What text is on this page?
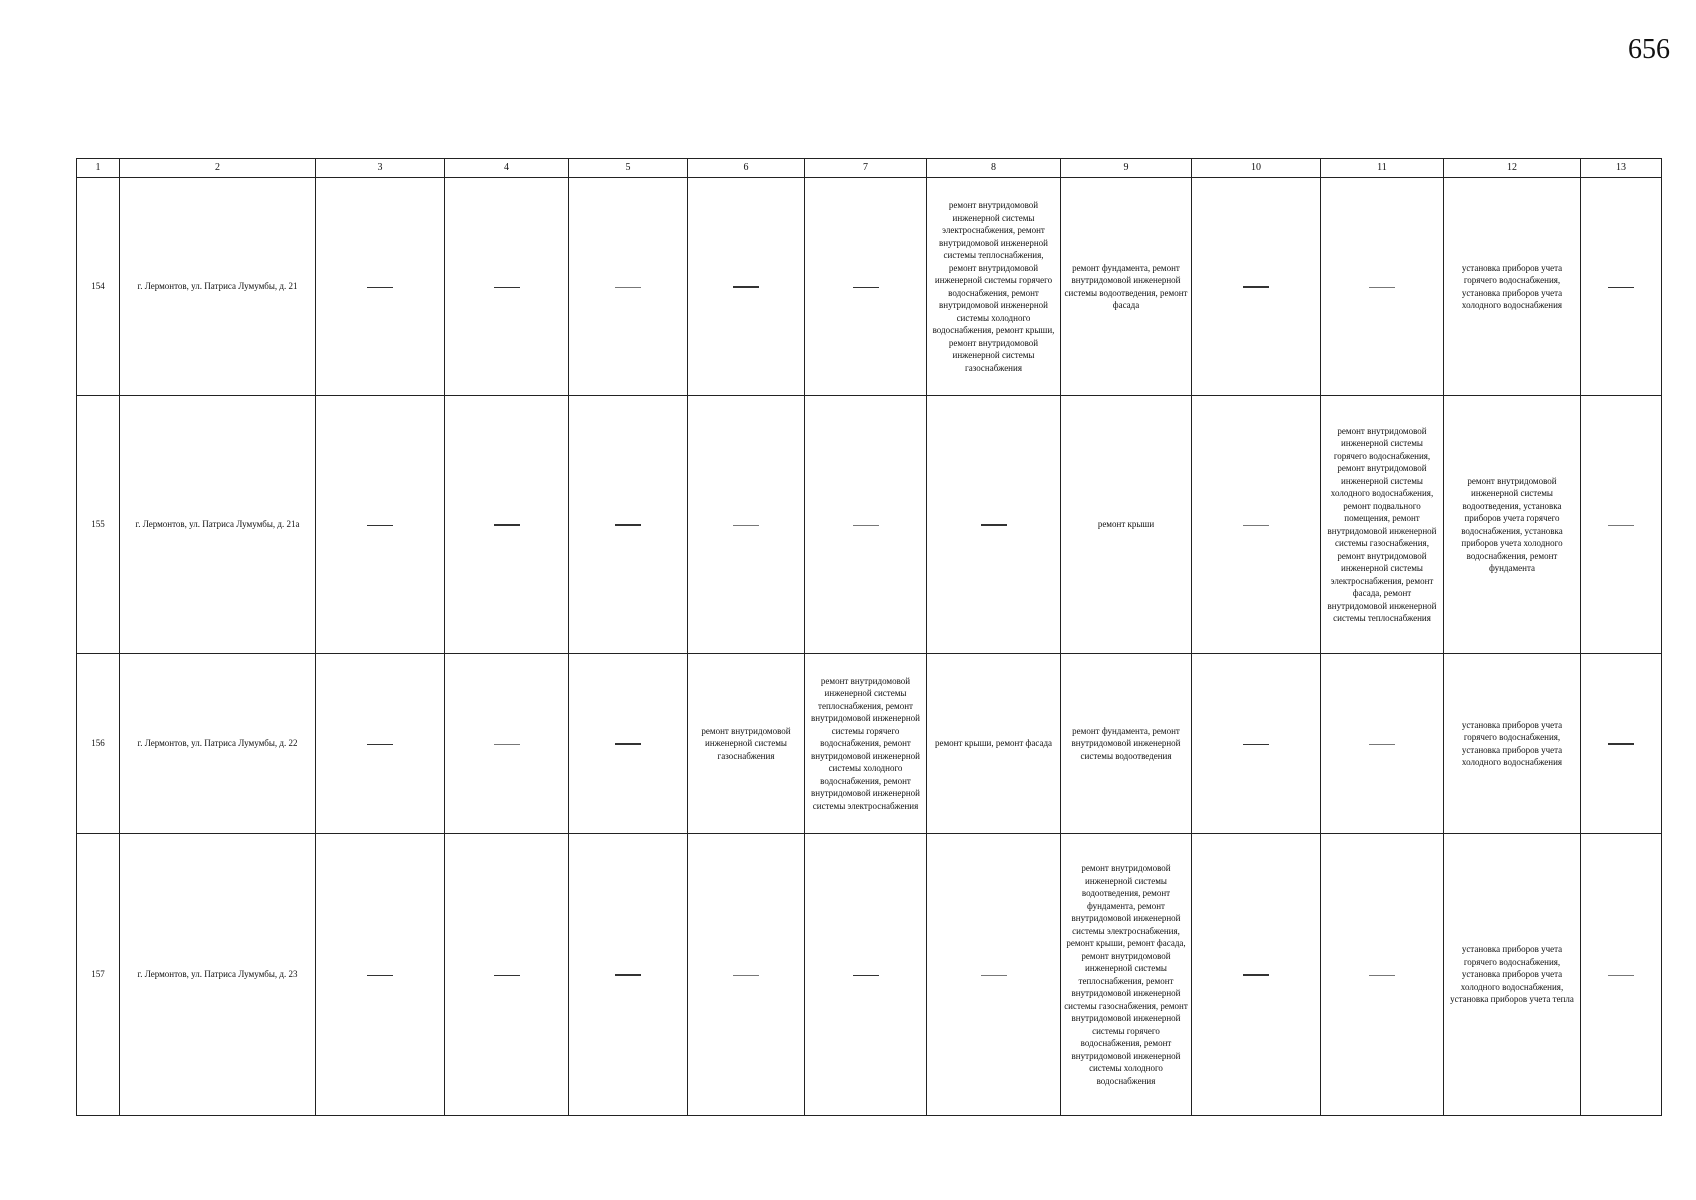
656
1	2	3	4	5	6	7	8	9	10	11	12	13
154	г. Лермонтов, ул. Патриса Лумумбы, д. 21						ремонт внутридомовой инженерной системы электроснабжения, ремонт внутридомовой инженерной системы теплоснабжения, ремонт внутридомовой инженерной системы горячего водоснабжения, ремонт внутридомовой инженерной системы холодного водоснабжения, ремонт крыши, ремонт внутридомовой инженерной системы газоснабжения	ремонт фундамента, ремонт внутридомовой инженерной системы водоотведения, ремонт фасада			установка приборов учета горячего водоснабжения, установка приборов учета холодного водоснабжения	
155	г. Лермонтов, ул. Патриса Лумумбы, д. 21а							ремонт крыши		ремонт внутридомовой инженерной системы горячего водоснабжения, ремонт внутридомовой инженерной системы холодного водоснабжения, ремонт подвального помещения, ремонт внутридомовой инженерной системы газоснабжения, ремонт внутридомовой инженерной системы электроснабжения, ремонт фасада, ремонт внутридомовой инженерной системы теплоснабжения	ремонт внутридомовой инженерной системы водоотведения, установка приборов учета горячего водоснабжения, установка приборов учета холодного водоснабжения, ремонт фундамента	
156	г. Лермонтов, ул. Патриса Лумумбы, д. 22				ремонт внутридомовой инженерной системы газоснабжения	ремонт внутридомовой инженерной системы теплоснабжения, ремонт внутридомовой инженерной системы горячего водоснабжения, ремонт внутридомовой инженерной системы холодного водоснабжения, ремонт внутридомовой инженерной системы электроснабжения	ремонт крыши, ремонт фасада	ремонт фундамента, ремонт внутридомовой инженерной системы водоотведения			установка приборов учета горячего водоснабжения, установка приборов учета холодного водоснабжения	
157	г. Лермонтов, ул. Патриса Лумумбы, д. 23							ремонт внутридомовой инженерной системы водоотведения, ремонт фундамента, ремонт внутридомовой инженерной системы электроснабжения, ремонт крыши, ремонт фасада, ремонт внутридомовой инженерной системы теплоснабжения, ремонт внутридомовой инженерной системы газоснабжения, ремонт внутридомовой инженерной системы горячего водоснабжения, ремонт внутридомовой инженерной системы холодного водоснабжения			установка приборов учета горячего водоснабжения, установка приборов учета холодного водоснабжения, установка приборов учета тепла	
